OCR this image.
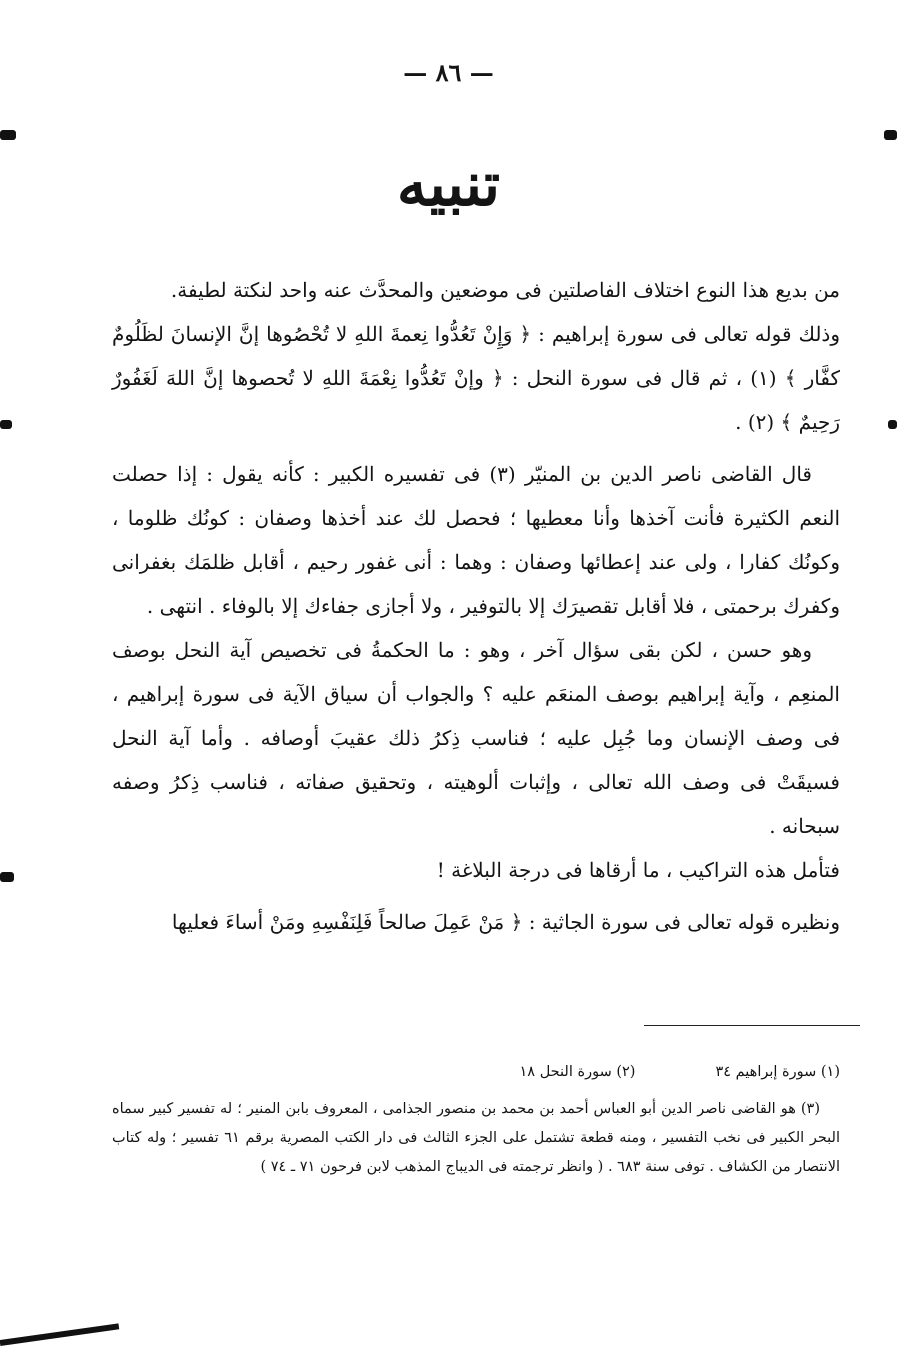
— ٨٦ —
تنبيه

من بديع هذا النوع اختلاف الفاصلتين فى موضعين والمحدَّث عنه واحد لنكتة لطيفة.

وذلك قوله تعالى فى سورة إبراهيم : ﴿ وَإِنْ تَعُدُّوا نِعمةَ اللهِ لا تُحْصُوها إنَّ الإنسانَ لظَلُومٌ كفَّار ﴾ (١) ، ثم قال فى سورة النحل : ﴿ وإنْ تَعُدُّوا نِعْمَةَ اللهِ لا تُحصوها إنَّ اللهَ لَغَفُورٌ رَحِيمٌ ﴾ (٢) .

قال القاضى ناصر الدين بن المنيّر (٣) فى تفسيره الكبير : كأنه يقول : إذا حصلت النعم الكثيرة فأنت آخذها وأنا معطيها ؛ فحصل لك عند أخذها وصفان : كونُك ظلوما ، وكونُك كفارا ، ولى عند إعطائها وصفان : وهما : أنى غفور رحيم ، أقابل ظلمَك بغفرانى وكفرك برحمتى ، فلا أقابل تقصيرَك إلا بالتوفير ، ولا أجازى جفاءك إلا بالوفاء . انتهى .

وهو حسن ، لكن بقى سؤال آخر ، وهو : ما الحكمةُ فى تخصيص آية النحل بوصف المنعِم ، وآية إبراهيم بوصف المنعَم عليه ؟ والجواب أن سياق الآية فى سورة إبراهيم ، فى وصف الإنسان وما جُبِل عليه ؛ فناسب ذِكرُ ذلك عقيبَ أوصافه . وأما آية النحل فسيقَتْ فى وصف الله تعالى ، وإثبات ألوهيته ، وتحقيق صفاته ، فناسب ذِكرُ وصفه سبحانه .

فتأمل هذه التراكيب ، ما أرقاها فى درجة البلاغة !

ونظيره قوله تعالى فى سورة الجاثية : ﴿ مَنْ عَمِلَ صالحاً فَلِنَفْسِهِ ومَنْ أساءَ فعليها

(١) سورة إبراهيم ٣٤
(٢) سورة النحل ١٨
(٣) هو القاضى ناصر الدين أبو العباس أحمد بن محمد بن منصور الجذامى ، المعروف بابن المنير ؛ له تفسير كبير سماه البحر الكبير فى نخب التفسير ، ومنه قطعة تشتمل على الجزء الثالث فى دار الكتب المصرية برقم ٦١ تفسير ؛ وله كتاب الانتصار من الكشاف . توفى سنة ٦٨٣ . ( وانظر ترجمته فى الديباج المذهب لابن فرحون ٧١ ـ ٧٤ )
